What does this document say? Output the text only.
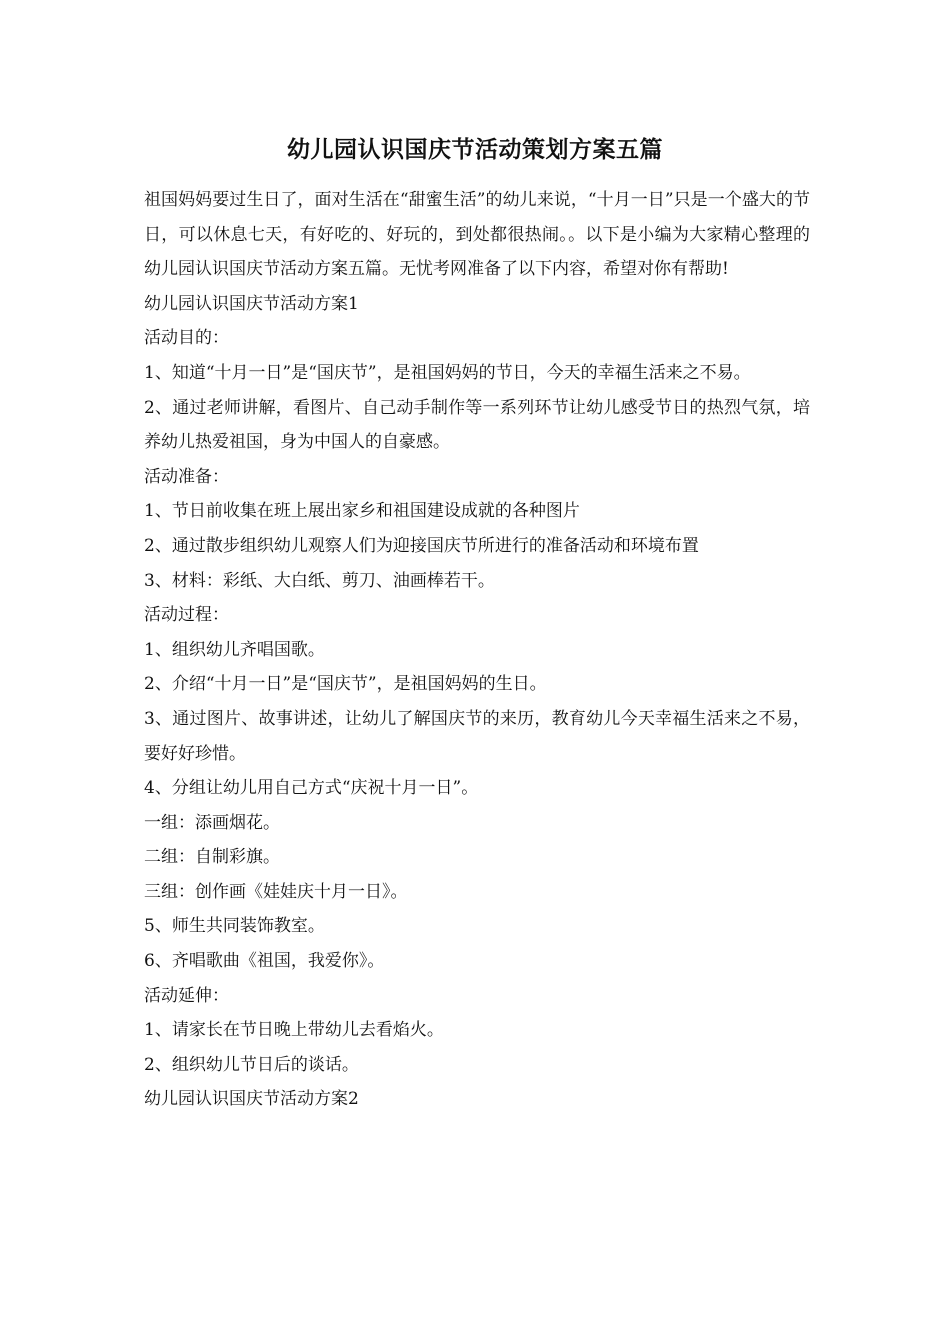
幼儿园认识国庆节活动策划方案五篇

祖国妈妈要过生日了，面对生活在“甜蜜生活”的幼儿来说，“十月一日”只是一个盛大的节日，可以休息七天，有好吃的、好玩的，到处都很热闹。。以下是小编为大家精心整理的幼儿园认识国庆节活动方案五篇。无忧考网准备了以下内容，希望对你有帮助!

幼儿园认识国庆节活动方案1

活动目的：

1、知道“十月一日”是“国庆节”，是祖国妈妈的节日，今天的幸福生活来之不易。

2、通过老师讲解，看图片、自己动手制作等一系列环节让幼儿感受节日的热烈气氛，培养幼儿热爱祖国，身为中国人的自豪感。

活动准备：

1、节日前收集在班上展出家乡和祖国建设成就的各种图片

2、通过散步组织幼儿观察人们为迎接国庆节所进行的准备活动和环境布置

3、材料：彩纸、大白纸、剪刀、油画棒若干。

活动过程：

1、组织幼儿齐唱国歌。

2、介绍“十月一日”是“国庆节”，是祖国妈妈的生日。

3、通过图片、故事讲述，让幼儿了解国庆节的来历，教育幼儿今天幸福生活来之不易，要好好珍惜。

4、分组让幼儿用自己方式“庆祝十月一日”。

一组：添画烟花。

二组：自制彩旗。

三组：创作画《娃娃庆十月一日》。

5、师生共同装饰教室。

6、齐唱歌曲《祖国，我爱你》。

活动延伸：

1、请家长在节日晚上带幼儿去看焰火。

2、组织幼儿节日后的谈话。

幼儿园认识国庆节活动方案2
